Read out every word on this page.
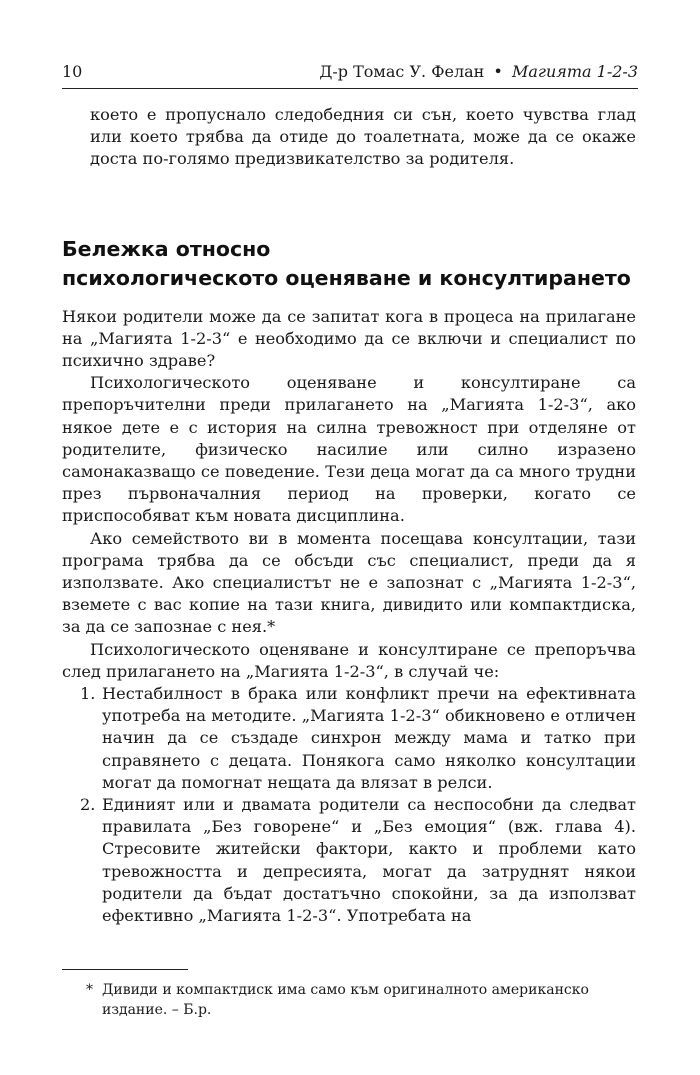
10	Д-р Томас У. Фелан • Магията 1-2-3

което е пропуснало следобедния си сън, което чувства глад или което трябва да отиде до тоалетната, може да се окаже доста по-голямо предизвикателство за родителя.

Бележка относно
психологическото оценяване и консултирането

Някои родители може да се запитат кога в процеса на прилагане на „Магията 1-2-3“ е необходимо да се включи и специалист по психично здраве?

Психологическото оценяване и консултиране са препоръчителни преди прилагането на „Магията 1-2-3“, ако някое дете е с история на силна тревожност при отделяне от родителите, физическо насилие или силно изразено самонаказващо се поведение. Тези деца могат да са много трудни през първоначалния период на проверки, когато се приспособяват към новата дисциплина.

Ако семейството ви в момента посещава консултации, тази програма трябва да се обсъди със специалист, преди да я използвате. Ако специалистът не е запознат с „Магията 1-2-3“, вземете с вас копие на тази книга, дивидито или компактдиска, за да се запознае с нея.*

Психологическото оценяване и консултиране се препоръчва след прилагането на „Магията 1-2-3“, в случай че:

1. Нестабилност в брака или конфликт пречи на ефективната употреба на методите. „Магията 1-2-3“ обикновено е отличен начин да се създаде синхрон между мама и татко при справянето с децата. Понякога само няколко консултации могат да помогнат нещата да влязат в релси.
2. Единият или и двамата родители са неспособни да следват правилата „Без говорене“ и „Без емоция“ (вж. глава 4). Стресовите житейски фактори, както и проблеми като тревожността и депресията, могат да затруднят някои родители да бъдат достатъчно спокойни, за да използват ефективно „Магията 1-2-3“. Употребата на
* Дивиди и компактдиск има само към оригиналното американско издание. – Б.р.
